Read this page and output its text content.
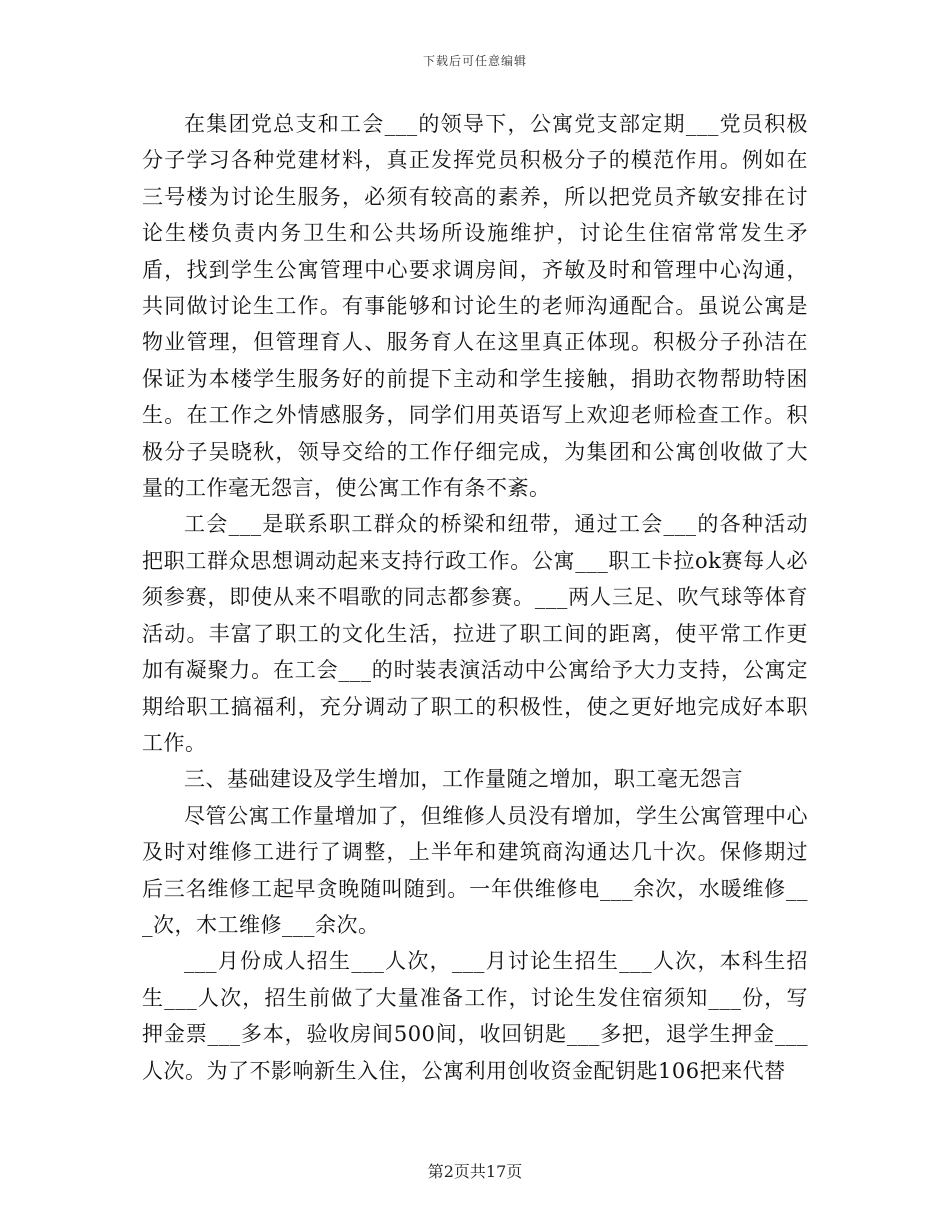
下载后可任意编辑

在集团党总支和工会___的领导下，公寓党支部定期___党员积极分子学习各种党建材料，真正发挥党员积极分子的模范作用。例如在三号楼为讨论生服务，必须有较高的素养，所以把党员齐敏安排在讨论生楼负责内务卫生和公共场所设施维护，讨论生住宿常常发生矛盾，找到学生公寓管理中心要求调房间，齐敏及时和管理中心沟通，共同做讨论生工作。有事能够和讨论生的老师沟通配合。虽说公寓是物业管理，但管理育人、服务育人在这里真正体现。积极分子孙洁在保证为本楼学生服务好的前提下主动和学生接触，捐助衣物帮助特困生。在工作之外情感服务，同学们用英语写上欢迎老师检查工作。积极分子吴晓秋，领导交给的工作仔细完成，为集团和公寓创收做了大量的工作毫无怨言，使公寓工作有条不紊。

工会___是联系职工群众的桥梁和纽带，通过工会___的各种活动把职工群众思想调动起来支持行政工作。公寓___职工卡拉ok赛每人必须参赛，即使从来不唱歌的同志都参赛。___两人三足、吹气球等体育活动。丰富了职工的文化生活，拉进了职工间的距离，使平常工作更加有凝聚力。在工会___的时装表演活动中公寓给予大力支持，公寓定期给职工搞福利，充分调动了职工的积极性，使之更好地完成好本职工作。

三、基础建设及学生增加，工作量随之增加，职工毫无怨言

尽管公寓工作量增加了，但维修人员没有增加，学生公寓管理中心及时对维修工进行了调整，上半年和建筑商沟通达几十次。保修期过后三名维修工起早贪晚随叫随到。一年供维修电___余次，水暖维修___次，木工维修___余次。

___月份成人招生___人次，___月讨论生招生___人次，本科生招生___人次，招生前做了大量准备工作，讨论生发住宿须知___份，写押金票___多本，验收房间500间，收回钥匙___多把，退学生押金___人次。为了不影响新生入住，公寓利用创收资金配钥匙106把来代替

第2页共17页
